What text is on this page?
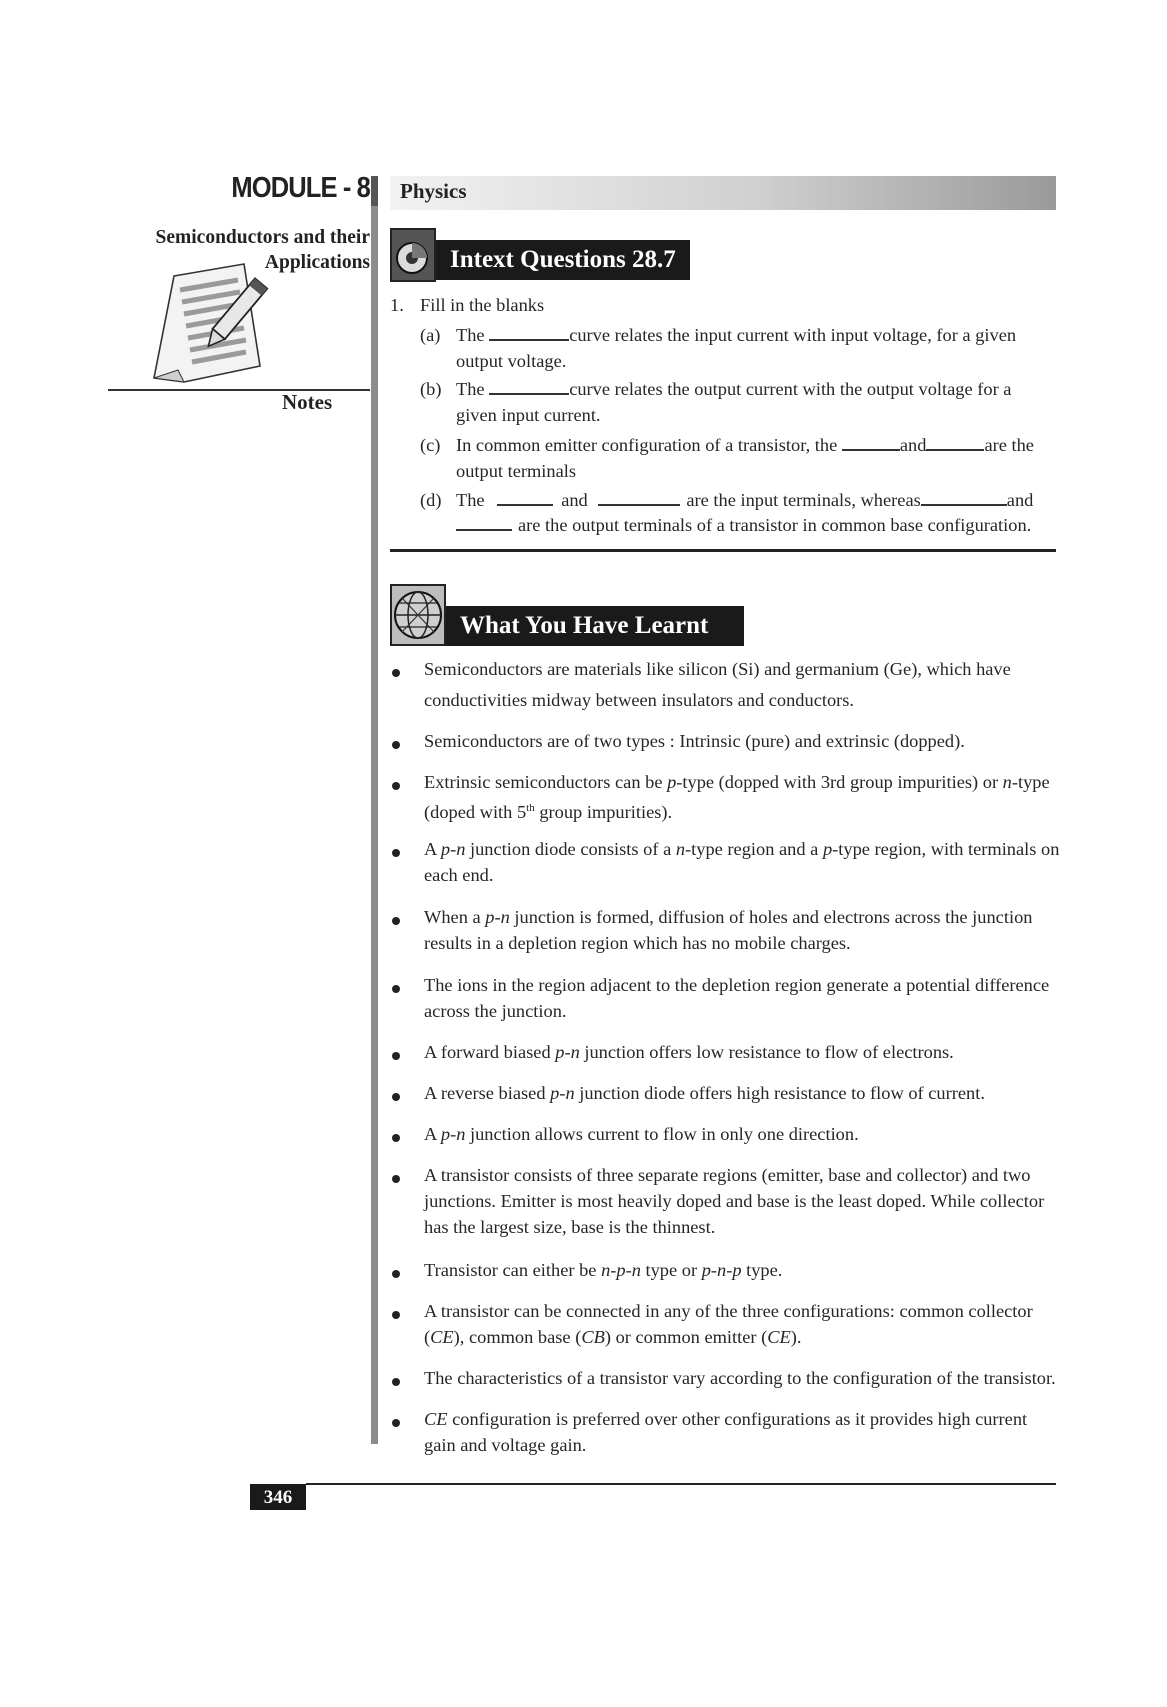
MODULE - 8
Semiconductors and their
Applications
Notes
Physics
Intext Questions 28.7
1. Fill in the blanks
(a) The	curve relates the input current with input voltage, for a given
output voltage.
(b) The	curve relates the output current with the output voltage for a
given input current.
(c) In common emitter configuration of a transistor, the	and	are the
output terminals
(d) The	and	are the input terminals, whereas	and
are the output terminals of a transistor in common base configuration.
What You Have Learnt
Semiconductors are materials like silicon (Si) and germanium (Ge), which have
conductivities midway between insulators and conductors.
Semiconductors are of two types : Intrinsic (pure) and extrinsic (dopped).
Extrinsic semiconductors can be p-type (dopped with 3rd group impurities) or n-type
(doped with 5th group impurities).
A p-n junction diode consists of a n-type region and a p-type region, with terminals on
each end.
When a p-n junction is formed, diffusion of holes and electrons across the junction
results in a depletion region which has no mobile charges.
The ions in the region adjacent to the depletion region generate a potential difference
across the junction.
A forward biased p-n junction offers low resistance to flow of electrons.
A reverse biased p-n junction diode offers high resistance to flow of current.
A p-n junction allows current to flow in only one direction.
A transistor consists of three separate regions (emitter, base and collector) and two
junctions. Emitter is most heavily doped and base is the least doped. While collector
has the largest size, base is the thinnest.
Transistor can either be n-p-n type or p-n-p type.
A transistor can be connected in any of the three configurations: common collector
(CE), common base (CB) or common emitter (CE).
The characteristics of a transistor vary according to the configuration of the transistor.
CE configuration is preferred over other configurations as it provides high current
gain and voltage gain.
346
